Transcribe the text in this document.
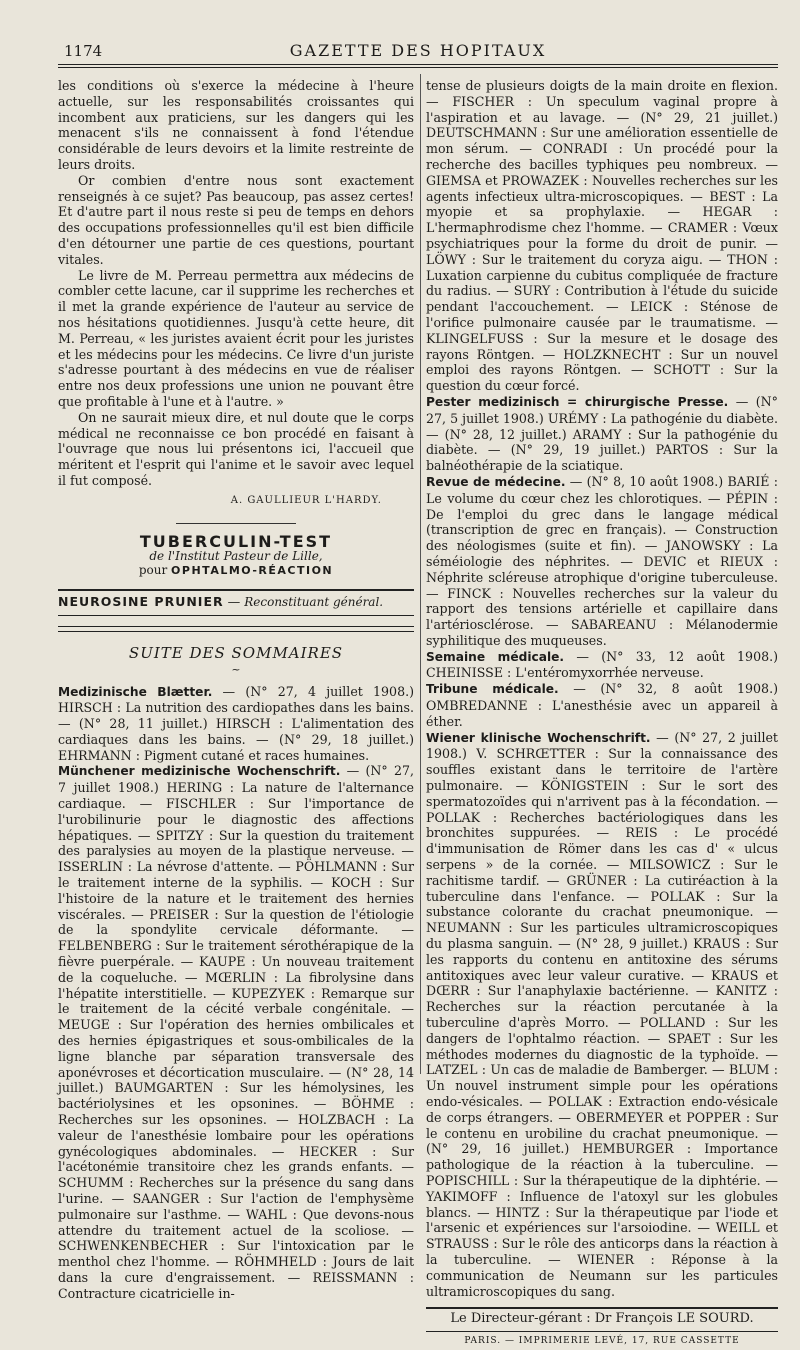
1174	GAZETTE DES HOPITAUX

les conditions où s'exerce la médecine à l'heure actuelle, sur les responsabilités croissantes qui incombent aux praticiens, sur les dangers qui les menacent s'ils ne connaissent à fond l'étendue considérable de leurs devoirs et la limite restreinte de leurs droits.

Or combien d'entre nous sont exactement renseignés à ce sujet? Pas beaucoup, pas assez certes! Et d'autre part il nous reste si peu de temps en dehors des occupations professionnelles qu'il est bien difficile d'en détourner une partie de ces questions, pourtant vitales.

Le livre de M. Perreau permettra aux médecins de combler cette lacune, car il supprime les recherches et il met la grande expérience de l'auteur au service de nos hésitations quotidiennes. Jusqu'à cette heure, dit M. Perreau, « les juristes avaient écrit pour les juristes et les médecins pour les médecins. Ce livre d'un juriste s'adresse pourtant à des médecins en vue de réaliser entre nos deux professions une union ne pouvant être que profitable à l'une et à l'autre. »

On ne saurait mieux dire, et nul doute que le corps médical ne reconnaisse ce bon procédé en faisant à l'ouvrage que nous lui présentons ici, l'accueil que méritent et l'esprit qui l'anime et le savoir avec lequel il fut composé.

A. GAULLIEUR L'HARDY.
TUBERCULIN-TEST
de l'Institut Pasteur de Lille,
pour OPHTALMO-RÉACTION
NEUROSINE PRUNIER — Reconstituant général.
SUITE DES SOMMAIRES
~

Medizinische Blætter. — (N° 27, 4 juillet 1908.) HIRSCH : La nutrition des cardiopathes dans les bains. — (N° 28, 11 juillet.) HIRSCH : L'alimentation des cardiaques dans les bains. — (N° 29, 18 juillet.) EHRMANN : Pigment cutané et races humaines.

Münchener medizinische Wochenschrift. — (N° 27, 7 juillet 1908.) HERING : La nature de l'alternance cardiaque. — FISCHLER : Sur l'importance de l'urobilinurie pour le diagnostic des affections hépatiques. — SPITZY : Sur la question du traitement des paralysies au moyen de la plastique nerveuse. — ISSERLIN : La névrose d'attente. — PÖHLMANN : Sur le traitement interne de la syphilis. — KOCH : Sur l'histoire de la nature et le traitement des hernies viscérales. — PREISER : Sur la question de l'étiologie de la spondylite cervicale déformante. — FELBENBERG : Sur le traitement sérothérapique de la fièvre puerpérale. — KAUPE : Un nouveau traitement de la coqueluche. — MŒRLIN : La fibrolysine dans l'hépatite interstitielle. — KUPEZYEK : Remarque sur le traitement de la cécité verbale congénitale. — MEUGE : Sur l'opération des hernies ombilicales et des hernies épigastriques et sous-ombilicales de la ligne blanche par séparation transversale des aponévroses et décortication musculaire. — (N° 28, 14 juillet.) BAUMGARTEN : Sur les hémolysines, les bactériolysines et les opsonines. — BÖHME : Recherches sur les opsonines. — HOLZBACH : La valeur de l'anesthésie lombaire pour les opérations gynécologiques abdominales. — HECKER : Sur l'acétonémie transitoire chez les grands enfants. — SCHUMM : Recherches sur la présence du sang dans l'urine. — SAANGER : Sur l'action de l'emphysème pulmonaire sur l'asthme. — WAHL : Que devons-nous attendre du traitement actuel de la scoliose. — SCHWENKENBECHER : Sur l'intoxication par le menthol chez l'homme. — RÖHMHELD : Jours de lait dans la cure d'engraissement. — REISSMANN : Contracture cicatricielle in-

tense de plusieurs doigts de la main droite en flexion. — FISCHER : Un speculum vaginal propre à l'aspiration et au lavage. — (N° 29, 21 juillet.) DEUTSCHMANN : Sur une amélioration essentielle de mon sérum. — CONRADI : Un procédé pour la recherche des bacilles typhiques peu nombreux. — GIEMSA et PROWAZEK : Nouvelles recherches sur les agents infectieux ultra-microscopiques. — BEST : La myopie et sa prophylaxie. — HEGAR : L'hermaphrodisme chez l'homme. — CRAMER : Vœux psychiatriques pour la forme du droit de punir. — LÖWY : Sur le traitement du coryza aigu. — THON : Luxation carpienne du cubitus compliquée de fracture du radius. — SURY : Contribution à l'étude du suicide pendant l'accouchement. — LEICK : Sténose de l'orifice pulmonaire causée par le traumatisme. — KLINGELFUSS : Sur la mesure et le dosage des rayons Röntgen. — HOLZKNECHT : Sur un nouvel emploi des rayons Röntgen. — SCHOTT : Sur la question du cœur forcé.

Pester medizinisch = chirurgische Presse. — (N° 27, 5 juillet 1908.) URÉMY : La pathogénie du diabète. — (N° 28, 12 juillet.) ARAMY : Sur la pathogénie du diabète. — (N° 29, 19 juillet.) PARTOS : Sur la balnéothérapie de la sciatique.

Revue de médecine. — (N° 8, 10 août 1908.) BARIÉ : Le volume du cœur chez les chlorotiques. — PÉPIN : De l'emploi du grec dans le langage médical (transcription de grec en français). — Construction des néologismes (suite et fin). — JANOWSKY : La séméiologie des néphrites. — DEVIC et RIEUX : Néphrite scléreuse atrophique d'origine tuberculeuse. — FINCK : Nouvelles recherches sur la valeur du rapport des tensions artérielle et capillaire dans l'artériosclérose. — SABAREANU : Mélanodermie syphilitique des muqueuses.

Semaine médicale. — (N° 33, 12 août 1908.) CHEINISSE : L'entéromyxorrhée nerveuse.

Tribune médicale. — (N° 32, 8 août 1908.) OMBREDANNE : L'anesthésie avec un appareil à éther.

Wiener klinische Wochenschrift. — (N° 27, 2 juillet 1908.) V. SCHRŒTTER : Sur la connaissance des souffles existant dans le territoire de l'artère pulmonaire. — KÖNIGSTEIN : Sur le sort des spermatozoïdes qui n'arrivent pas à la fécondation. — POLLAK : Recherches bactériologiques dans les bronchites suppurées. — REIS : Le procédé d'immunisation de Römer dans les cas d' « ulcus serpens » de la cornée. — MILSOWICZ : Sur le rachitisme tardif. — GRÜNER : La cutiréaction à la tuberculine dans l'enfance. — POLLAK : Sur la substance colorante du crachat pneumonique. — NEUMANN : Sur les particules ultramicroscopiques du plasma sanguin. — (N° 28, 9 juillet.) KRAUS : Sur les rapports du contenu en antitoxine des sérums antitoxiques avec leur valeur curative. — KRAUS et DŒRR : Sur l'anaphylaxie bactérienne. — KANITZ : Recherches sur la réaction percutanée à la tuberculine d'après Morro. — POLLAND : Sur les dangers de l'ophtalmo réaction. — SPAET : Sur les méthodes modernes du diagnostic de la typhoïde. — LATZEL : Un cas de maladie de Bamberger. — BLUM : Un nouvel instrument simple pour les opérations endo-vésicales. — POLLAK : Extraction endo-vésicale de corps étrangers. — OBERMEYER et POPPER : Sur le contenu en urobiline du crachat pneumonique. — (N° 29, 16 juillet.) HEMBURGER : Importance pathologique de la réaction à la tuberculine. — POPISCHILL : Sur la thérapeutique de la diphtérie. — YAKIMOFF : Influence de l'atoxyl sur les globules blancs. — HINTZ : Sur la thérapeutique par l'iode et l'arsenic et expériences sur l'arsoiodine. — WEILL et STRAUSS : Sur le rôle des anticorps dans la réaction à la tuberculine. — WIENER : Réponse à la communication de Neumann sur les particules ultramicroscopiques du sang.

Le Directeur-gérant : Dr François LE SOURD.
PARIS. — IMPRIMERIE LEVÉ, 17, RUE CASSETTE
